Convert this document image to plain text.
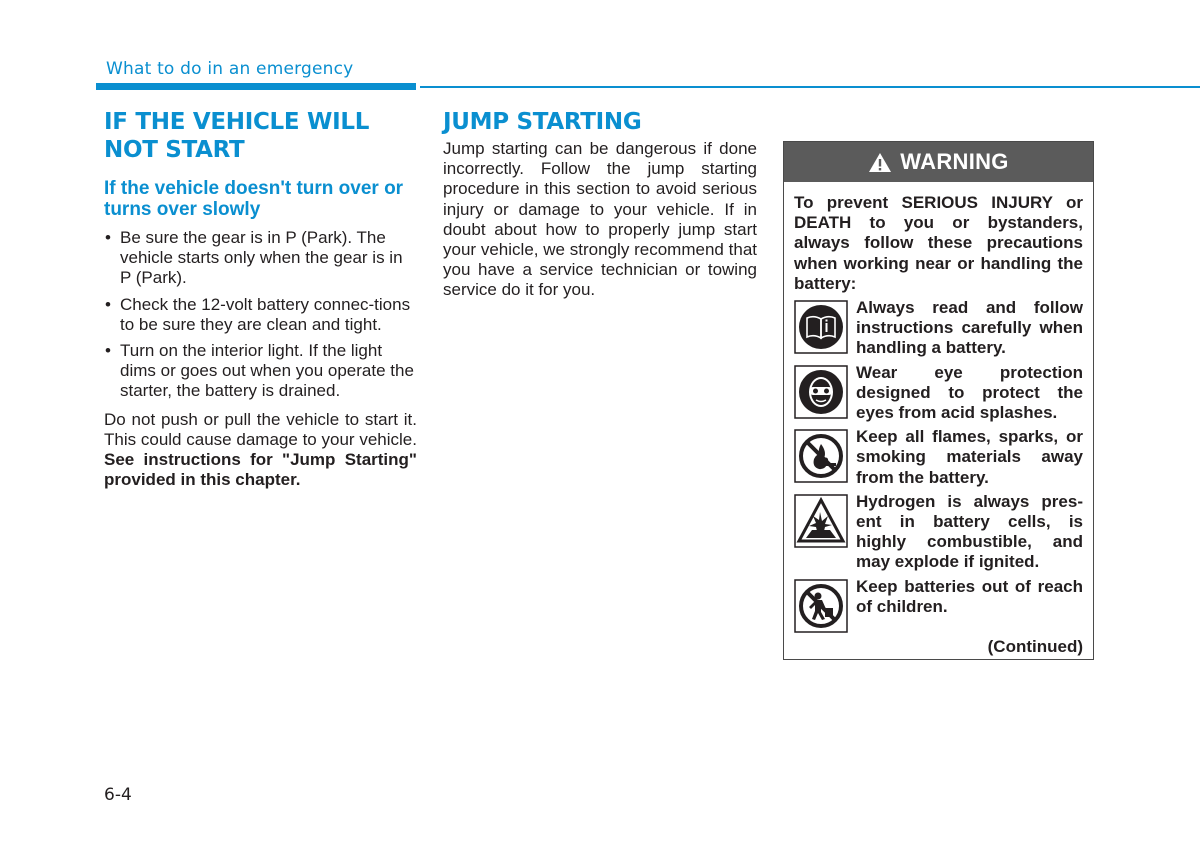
What to do in an emergency
IF THE VEHICLE WILL NOT START
If the vehicle doesn't turn over or turns over slowly
• Be sure the gear is in P (Park). The vehicle starts only when the gear is in P (Park).
• Check the 12-volt battery connec-tions to be sure they are clean and tight.
• Turn on the interior light. If the light dims or goes out when you operate the starter, the battery is drained.

Do not push or pull the vehicle to start it. This could cause damage to your vehicle. See instructions for "Jump Starting" provided in this chapter.

JUMP STARTING

Jump starting can be dangerous if done incorrectly. Follow the jump starting procedure in this section to avoid serious injury or damage to your vehicle. If in doubt about how to properly jump start your vehicle, we strongly recommend that you have a service technician or towing service do it for you.

WARNING
To prevent SERIOUS INJURY or DEATH to you or bystanders, always follow these precautions when working near or handling the battery:
Always read and follow instructions carefully when handling a battery.
Wear eye protection designed to protect the eyes from acid splashes.
Keep all flames, sparks, or smoking materials away from the battery.
Hydrogen is always pres-ent in battery cells, is highly combustible, and may explode if ignited.
Keep batteries out of reach of children.
(Continued)
6-4
